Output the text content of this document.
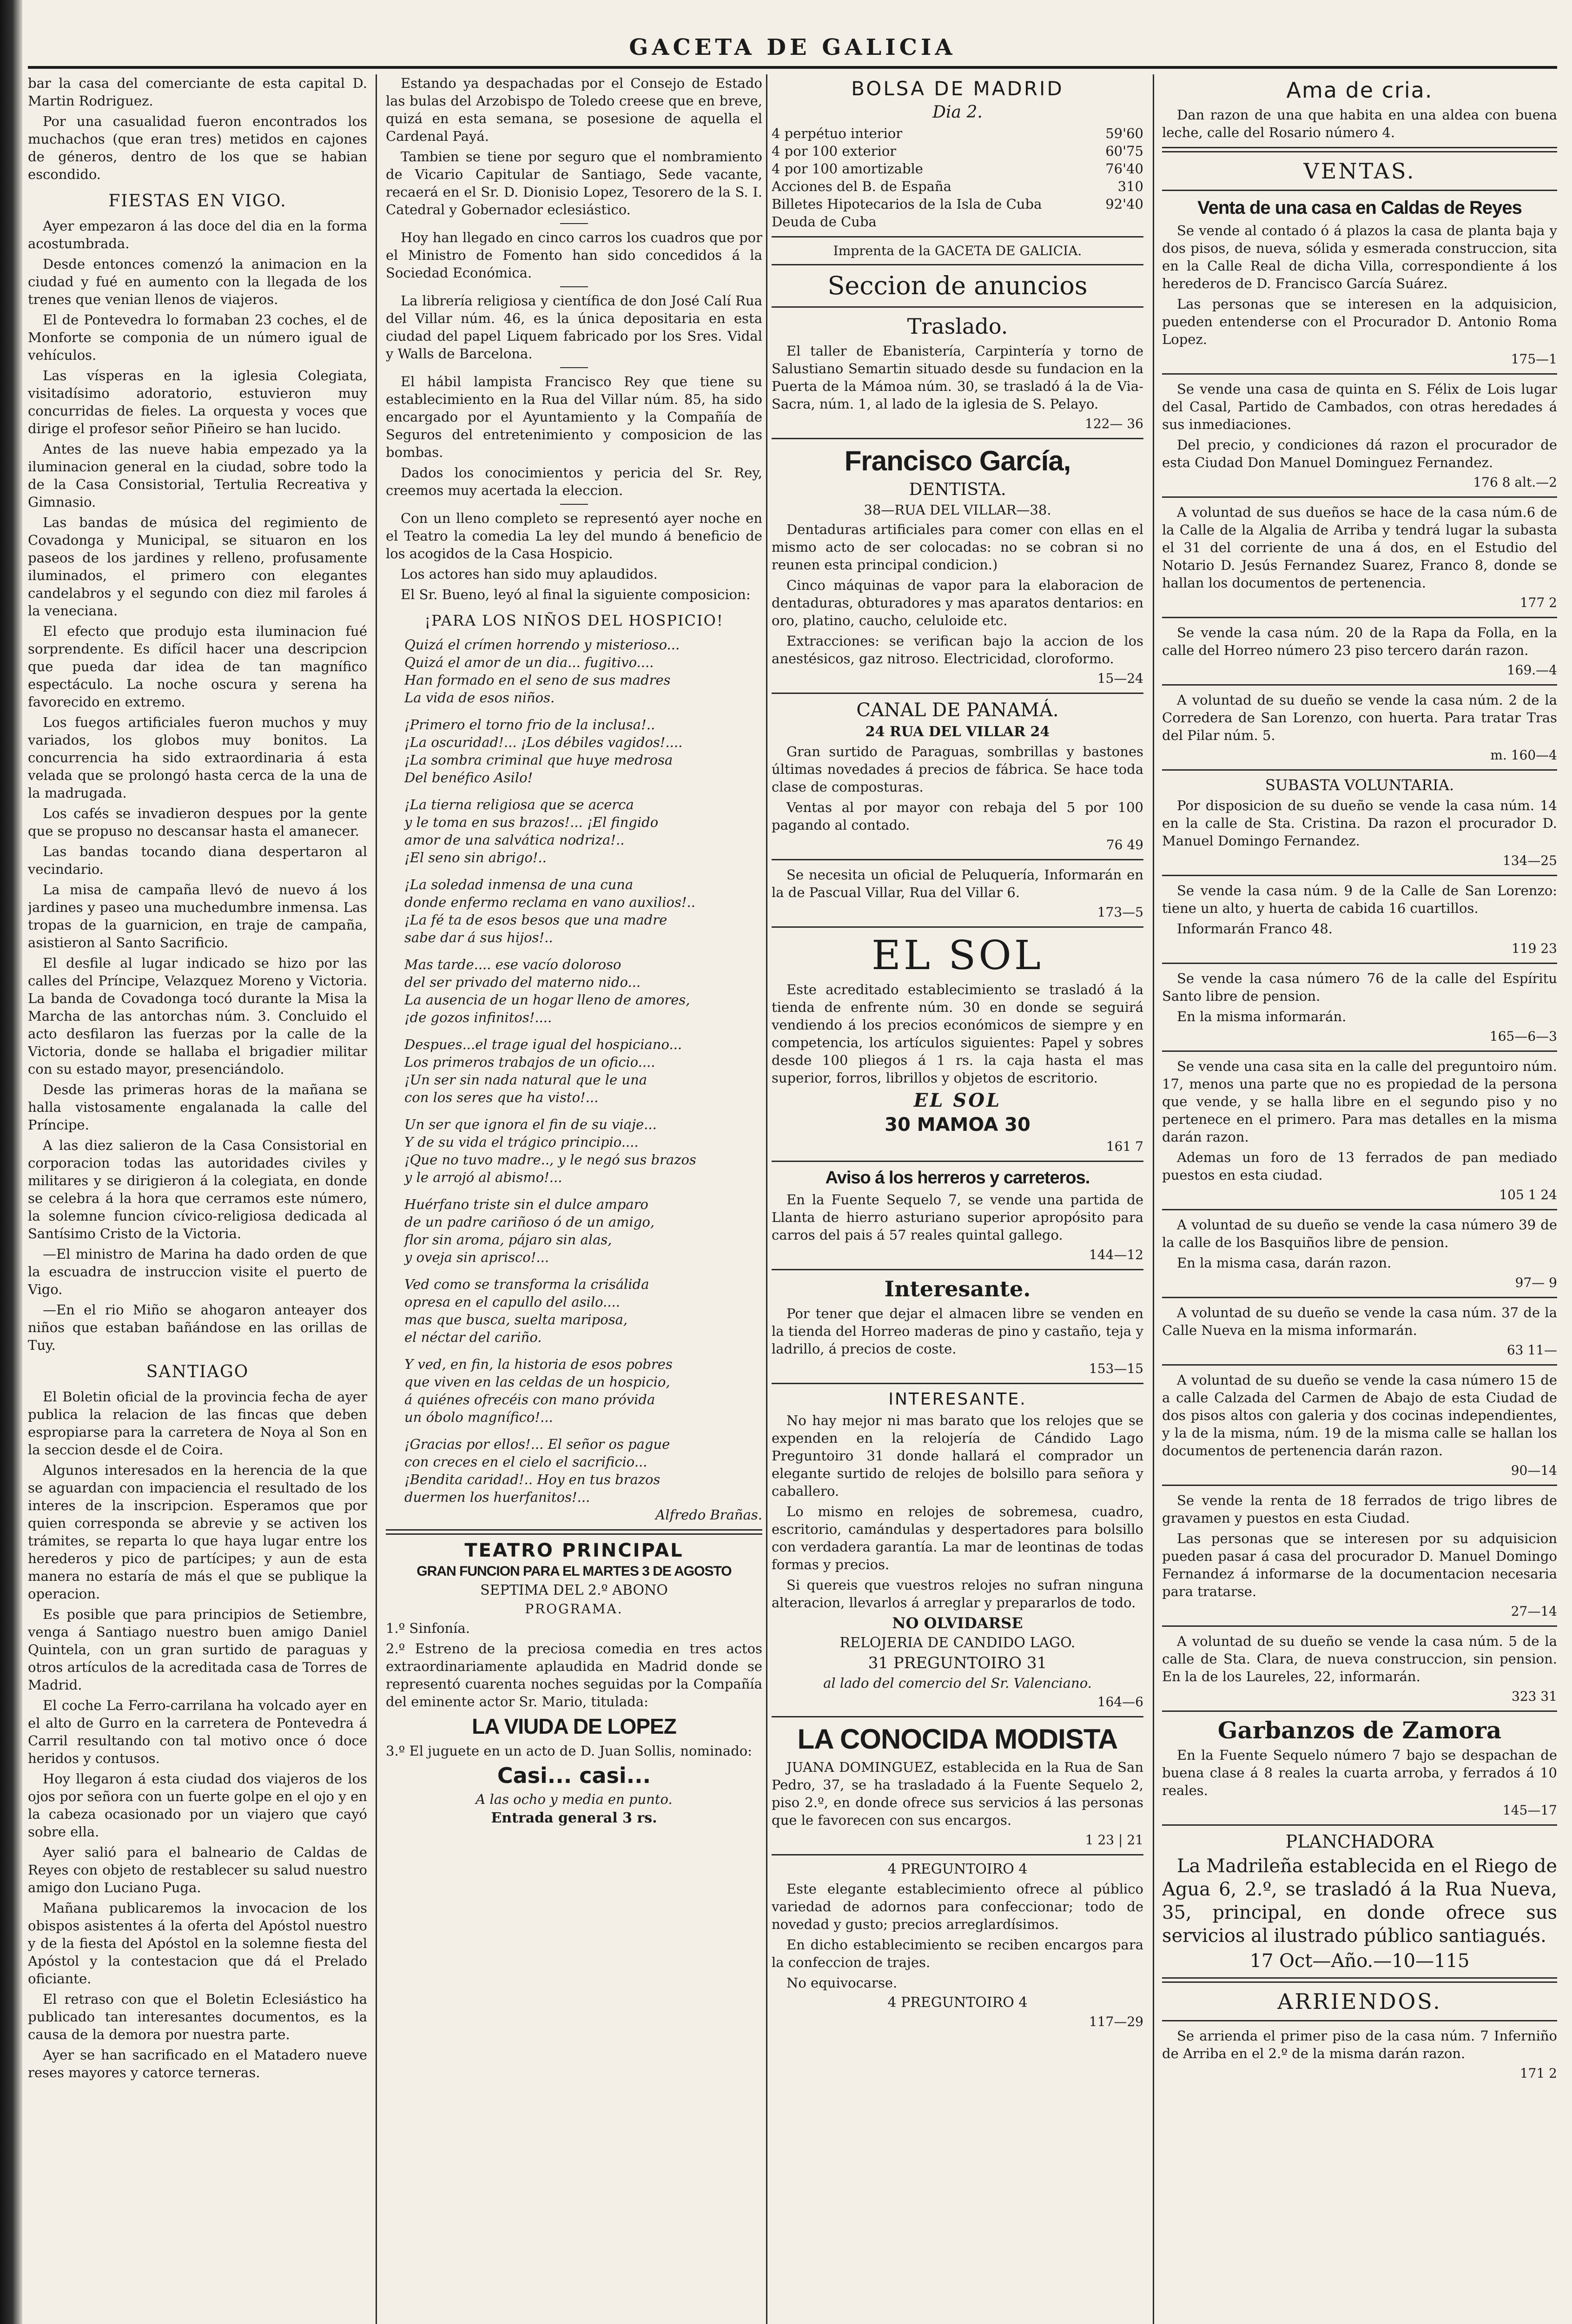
GACETA DE GALICIA

bar la casa del comerciante de esta capital D. Martin Rodriguez.

Por una casualidad fueron encontrados los muchachos (que eran tres) metidos en cajones de géneros, dentro de los que se habian escondido.

FIESTAS EN VIGO.

Ayer empezaron á las doce del dia en la forma acostumbrada.

Desde entonces comenzó la animacion en la ciudad y fué en aumento con la llegada de los trenes que venian llenos de viajeros.

El de Pontevedra lo formaban 23 coches, el de Monforte se componia de un número igual de vehículos.

Las vísperas en la iglesia Colegiata, visitadísimo adoratorio, estuvieron muy concurridas de fieles. La orquesta y voces que dirige el profesor señor Piñeiro se han lucido.

Antes de las nueve habia empezado ya la iluminacion general en la ciudad, sobre todo la de la Casa Consistorial, Tertulia Recreativa y Gimnasio.

Las bandas de música del regimiento de Covadonga y Municipal, se situaron en los paseos de los jardines y relleno, profusamente iluminados, el primero con elegantes candelabros y el segundo con diez mil faroles á la veneciana.

El efecto que produjo esta iluminacion fué sorprendente. Es difícil hacer una descripcion que pueda dar idea de tan magnífico espectáculo. La noche oscura y serena ha favorecido en extremo.

Los fuegos artificiales fueron muchos y muy variados, los globos muy bonitos. La concurrencia ha sido extraordinaria á esta velada que se prolongó hasta cerca de la una de la madrugada.

Los cafés se invadieron despues por la gente que se propuso no descansar hasta el amanecer.

Las bandas tocando diana despertaron al vecindario.

La misa de campaña llevó de nuevo á los jardines y paseo una muchedumbre inmensa. Las tropas de la guarnicion, en traje de campaña, asistieron al Santo Sacrificio.

El desfile al lugar indicado se hizo por las calles del Príncipe, Velazquez Moreno y Victoria. La banda de Covadonga tocó durante la Misa la Marcha de las antorchas núm. 3. Concluido el acto desfilaron las fuerzas por la calle de la Victoria, donde se hallaba el brigadier militar con su estado mayor, presenciándolo.

Desde las primeras horas de la mañana se halla vistosamente engalanada la calle del Príncipe.

A las diez salieron de la Casa Consistorial en corporacion todas las autoridades civiles y militares y se dirigieron á la colegiata, en donde se celebra á la hora que cerramos este número, la solemne funcion cívico-religiosa dedicada al Santísimo Cristo de la Victoria.

—El ministro de Marina ha dado orden de que la escuadra de instruccion visite el puerto de Vigo.

—En el rio Miño se ahogaron anteayer dos niños que estaban bañándose en las orillas de Tuy.

SANTIAGO

El Boletin oficial de la provincia fecha de ayer publica la relacion de las fincas que deben espropiarse para la carretera de Noya al Son en la seccion desde el de Coira.

Algunos interesados en la herencia de la que se aguardan con impaciencia el resultado de los interes de la inscripcion. Esperamos que por quien corresponda se abrevie y se activen los trámites, se reparta lo que haya lugar entre los herederos y pico de partícipes; y aun de esta manera no estaría de más el que se publique la operacion.

Es posible que para principios de Setiembre, venga á Santiago nuestro buen amigo Daniel Quintela, con un gran surtido de paraguas y otros artículos de la acreditada casa de Torres de Madrid.

El coche La Ferro-carrilana ha volcado ayer en el alto de Gurro en la carretera de Pontevedra á Carril resultando con tal motivo once ó doce heridos y contusos.

Hoy llegaron á esta ciudad dos viajeros de los ojos por señora con un fuerte golpe en el ojo y en la cabeza ocasionado por un viajero que cayó sobre ella.

Ayer salió para el balneario de Caldas de Reyes con objeto de restablecer su salud nuestro amigo don Luciano Puga.

Mañana publicaremos la invocacion de los obispos asistentes á la oferta del Apóstol nuestro y de la fiesta del Apóstol en la solemne fiesta del Apóstol y la contestacion que dá el Prelado oficiante.

El retraso con que el Boletin Eclesiástico ha publicado tan interesantes documentos, es la causa de la demora por nuestra parte.

Ayer se han sacrificado en el Matadero nueve reses mayores y catorce terneras.

Estando ya despachadas por el Consejo de Estado las bulas del Arzobispo de Toledo creese que en breve, quizá en esta semana, se posesione de aquella el Cardenal Payá.

Tambien se tiene por seguro que el nombramiento de Vicario Capitular de Santiago, Sede vacante, recaerá en el Sr. D. Dionisio Lopez, Tesorero de la S. I. Catedral y Gobernador eclesiástico.

Hoy han llegado en cinco carros los cuadros que por el Ministro de Fomento han sido concedidos á la Sociedad Económica.

La librería religiosa y científica de don José Calí Rua del Villar núm. 46, es la única depositaria en esta ciudad del papel Liquem fabricado por los Sres. Vidal y Walls de Barcelona.

El hábil lampista Francisco Rey que tiene su establecimiento en la Rua del Villar núm. 85, ha sido encargado por el Ayuntamiento y la Compañía de Seguros del entretenimiento y composicion de las bombas.

Dados los conocimientos y pericia del Sr. Rey, creemos muy acertada la eleccion.

Con un lleno completo se representó ayer noche en el Teatro la comedia La ley del mundo á beneficio de los acogidos de la Casa Hospicio.

Los actores han sido muy aplaudidos.

El Sr. Bueno, leyó al final la siguiente composicion:

¡PARA LOS NIÑOS DEL HOSPICIO!

Quizá el crímen horrendo y misterioso...

Quizá el amor de un dia... fugitivo....

Han formado en el seno de sus madres

La vida de esos niños.

¡Primero el torno frio de la inclusa!..

¡La oscuridad!... ¡Los débiles vagidos!....

¡La sombra criminal que huye medrosa

Del benéfico Asilo!

¡La tierna religiosa que se acerca

y le toma en sus brazos!... ¡El fingido

amor de una salvática nodriza!..

¡El seno sin abrigo!..

¡La soledad inmensa de una cuna

donde enfermo reclama en vano auxilios!..

¡La fé ta de esos besos que una madre

sabe dar á sus hijos!..

Mas tarde.... ese vacío doloroso

del ser privado del materno nido...

La ausencia de un hogar lleno de amores,

¡de gozos infinitos!....

Despues...el trage igual del hospiciano...

Los primeros trabajos de un oficio....

¡Un ser sin nada natural que le una

con los seres que ha visto!...

Un ser que ignora el fin de su viaje...

Y de su vida el trágico principio....

¡Que no tuvo madre.., y le negó sus brazos

y le arrojó al abismo!...

Huérfano triste sin el dulce amparo

de un padre cariñoso ó de un amigo,

flor sin aroma, pájaro sin alas,

y oveja sin aprisco!...

Ved como se transforma la crisálida

opresa en el capullo del asilo....

mas que busca, suelta mariposa,

el néctar del cariño.

Y ved, en fin, la historia de esos pobres

que viven en las celdas de un hospicio,

á quiénes ofrecéis con mano próvida

un óbolo magnífico!...

¡Gracias por ellos!... El señor os pague

con creces en el cielo el sacrificio...

¡Bendita caridad!.. Hoy en tus brazos

duermen los huerfanitos!...

Alfredo Brañas.

TEATRO PRINCIPAL
GRAN FUNCION PARA EL MARTES 3 DE AGOSTO
SEPTIMA DEL 2.º ABONO
PROGRAMA.

1.º Sinfonía.

2.º Estreno de la preciosa comedia en tres actos extraordinariamente aplaudida en Madrid donde se representó cuarenta noches seguidas por la Compañía del eminente actor Sr. Mario, titulada:

LA VIUDA DE LOPEZ

3.º El juguete en un acto de D. Juan Sollis, nominado:

Casi... casi...
A las ocho y media en punto.
Entrada general 3 rs.
BOLSA DE MADRID
Dia 2.
4 perpétuo interior	59'60
4 por 100 exterior	60'75
4 por 100 amortizable	76'40
Acciones del B. de España	310
Billetes Hipotecarios de la Isla de Cuba	92'40
Deuda de Cuba
Imprenta de la GACETA DE GALICIA.
Seccion de anuncios
Traslado.

El taller de Ebanistería, Carpintería y torno de Salustiano Semartin situado desde su fundacion en la Puerta de la Mámoa núm. 30, se trasladó á la de Via-Sacra, núm. 1, al lado de la iglesia de S. Pelayo.

122— 36
Francisco García,
DENTISTA.
38—RUA DEL VILLAR—38.

Dentaduras artificiales para comer con ellas en el mismo acto de ser colocadas: no se cobran si no reunen esta principal condicion.)

Cinco máquinas de vapor para la elaboracion de dentaduras, obturadores y mas aparatos dentarios: en oro, platino, caucho, celuloide etc.

Extracciones: se verifican bajo la accion de los anestésicos, gaz nitroso. Electricidad, cloroformo.

15—24
CANAL DE PANAMÁ.
24 RUA DEL VILLAR 24

Gran surtido de Paraguas, sombrillas y bastones últimas novedades á precios de fábrica. Se hace toda clase de composturas.

Ventas al por mayor con rebaja del 5 por 100 pagando al contado.

76 49

Se necesita un oficial de Peluquería, Informarán en la de Pascual Villar, Rua del Villar 6.

173—5
EL SOL

Este acreditado establecimiento se trasladó á la tienda de enfrente núm. 30 en donde se seguirá vendiendo á los precios económicos de siempre y en competencia, los artículos siguientes: Papel y sobres desde 100 pliegos á 1 rs. la caja hasta el mas superior, forros, librillos y objetos de escritorio.

EL SOL
30 MAMOA 30
161 7
Aviso á los herreros y carreteros.

En la Fuente Sequelo 7, se vende una partida de Llanta de hierro asturiano superior apropósito para carros del pais á 57 reales quintal gallego.

144—12
Interesante.

Por tener que dejar el almacen libre se venden en la tienda del Horreo maderas de pino y castaño, teja y ladrillo, á precios de coste.

153—15
INTERESANTE.

No hay mejor ni mas barato que los relojes que se expenden en la relojería de Cándido Lago Preguntoiro 31 donde hallará el comprador un elegante surtido de relojes de bolsillo para señora y caballero.

Lo mismo en relojes de sobremesa, cuadro, escritorio, camándulas y despertadores para bolsillo con verdadera garantía. La mar de leontinas de todas formas y precios.

Si quereis que vuestros relojes no sufran ninguna alteracion, llevarlos á arreglar y prepararlos de todo.

NO OLVIDARSE
RELOJERIA DE CANDIDO LAGO.
31 PREGUNTOIRO 31
al lado del comercio del Sr. Valenciano.
164—6
LA CONOCIDA MODISTA

JUANA DOMINGUEZ, establecida en la Rua de San Pedro, 37, se ha trasladado á la Fuente Sequelo 2, piso 2.º, en donde ofrece sus servicios á las personas que le favorecen con sus encargos.

1 23 | 21
4 PREGUNTOIRO 4

Este elegante establecimiento ofrece al público variedad de adornos para confeccionar; todo de novedad y gusto; precios arreglardísimos.

En dicho establecimiento se reciben encargos para la confeccion de trajes.

No equivocarse.

4 PREGUNTOIRO 4
117—29
Ama de cria.

Dan razon de una que habita en una aldea con buena leche, calle del Rosario número 4.

VENTAS.
Venta de una casa en Caldas de Reyes

Se vende al contado ó á plazos la casa de planta baja y dos pisos, de nueva, sólida y esmerada construccion, sita en la Calle Real de dicha Villa, correspondiente á los herederos de D. Francisco García Suárez.

Las personas que se interesen en la adquisicion, pueden entenderse con el Procurador D. Antonio Roma Lopez.

175—1

Se vende una casa de quinta en S. Félix de Lois lugar del Casal, Partido de Cambados, con otras heredades á sus inmediaciones.

Del precio, y condiciones dá razon el procurador de esta Ciudad Don Manuel Dominguez Fernandez.

176 8 alt.—2

A voluntad de sus dueños se hace de la casa núm.6 de la Calle de la Algalia de Arriba y tendrá lugar la subasta el 31 del corriente de una á dos, en el Estudio del Notario D. Jesús Fernandez Suarez, Franco 8, donde se hallan los documentos de pertenencia.

177 2

Se vende la casa núm. 20 de la Rapa da Folla, en la calle del Horreo número 23 piso tercero darán razon.

169.—4

A voluntad de su dueño se vende la casa núm. 2 de la Corredera de San Lorenzo, con huerta. Para tratar Tras del Pilar núm. 5.

m. 160—4
SUBASTA VOLUNTARIA.

Por disposicion de su dueño se vende la casa núm. 14 en la calle de Sta. Cristina. Da razon el procurador D. Manuel Domingo Fernandez.

134—25

Se vende la casa núm. 9 de la Calle de San Lorenzo: tiene un alto, y huerta de cabida 16 cuartillos.

Informarán Franco 48.

119 23

Se vende la casa número 76 de la calle del Espíritu Santo libre de pension.

En la misma informarán.

165—6—3

Se vende una casa sita en la calle del preguntoiro núm. 17, menos una parte que no es propiedad de la persona que vende, y se halla libre en el segundo piso y no pertenece en el primero. Para mas detalles en la misma darán razon.

Ademas un foro de 13 ferrados de pan mediado puestos en esta ciudad.

105 1 24

A voluntad de su dueño se vende la casa número 39 de la calle de los Basquiños libre de pension.

En la misma casa, darán razon.

97— 9

A voluntad de su dueño se vende la casa núm. 37 de la Calle Nueva en la misma informarán.

63 11—

A voluntad de su dueño se vende la casa número 15 de a calle Calzada del Carmen de Abajo de esta Ciudad de dos pisos altos con galeria y dos cocinas independientes, y la de la misma, núm. 19 de la misma calle se hallan los documentos de pertenencia darán razon.

90—14

Se vende la renta de 18 ferrados de trigo libres de gravamen y puestos en esta Ciudad.

Las personas que se interesen por su adquisicion pueden pasar á casa del procurador D. Manuel Domingo Fernandez á informarse de la documentacion necesaria para tratarse.

27—14

A voluntad de su dueño se vende la casa núm. 5 de la calle de Sta. Clara, de nueva construccion, sin pension. En la de los Laureles, 22, informarán.

323 31
Garbanzos de Zamora

En la Fuente Sequelo número 7 bajo se despachan de buena clase á 8 reales la cuarta arroba, y ferrados á 10 reales.

145—17
PLANCHADORA

La Madrileña establecida en el Riego de Agua 6, 2.º, se trasladó á la Rua Nueva, 35, principal, en donde ofrece sus servicios al ilustrado público santiagués.

17 Oct—Año.—10—115
ARRIENDOS.

Se arrienda el primer piso de la casa núm. 7 Inferniño de Arriba en el 2.º de la misma darán razon.

171 2
